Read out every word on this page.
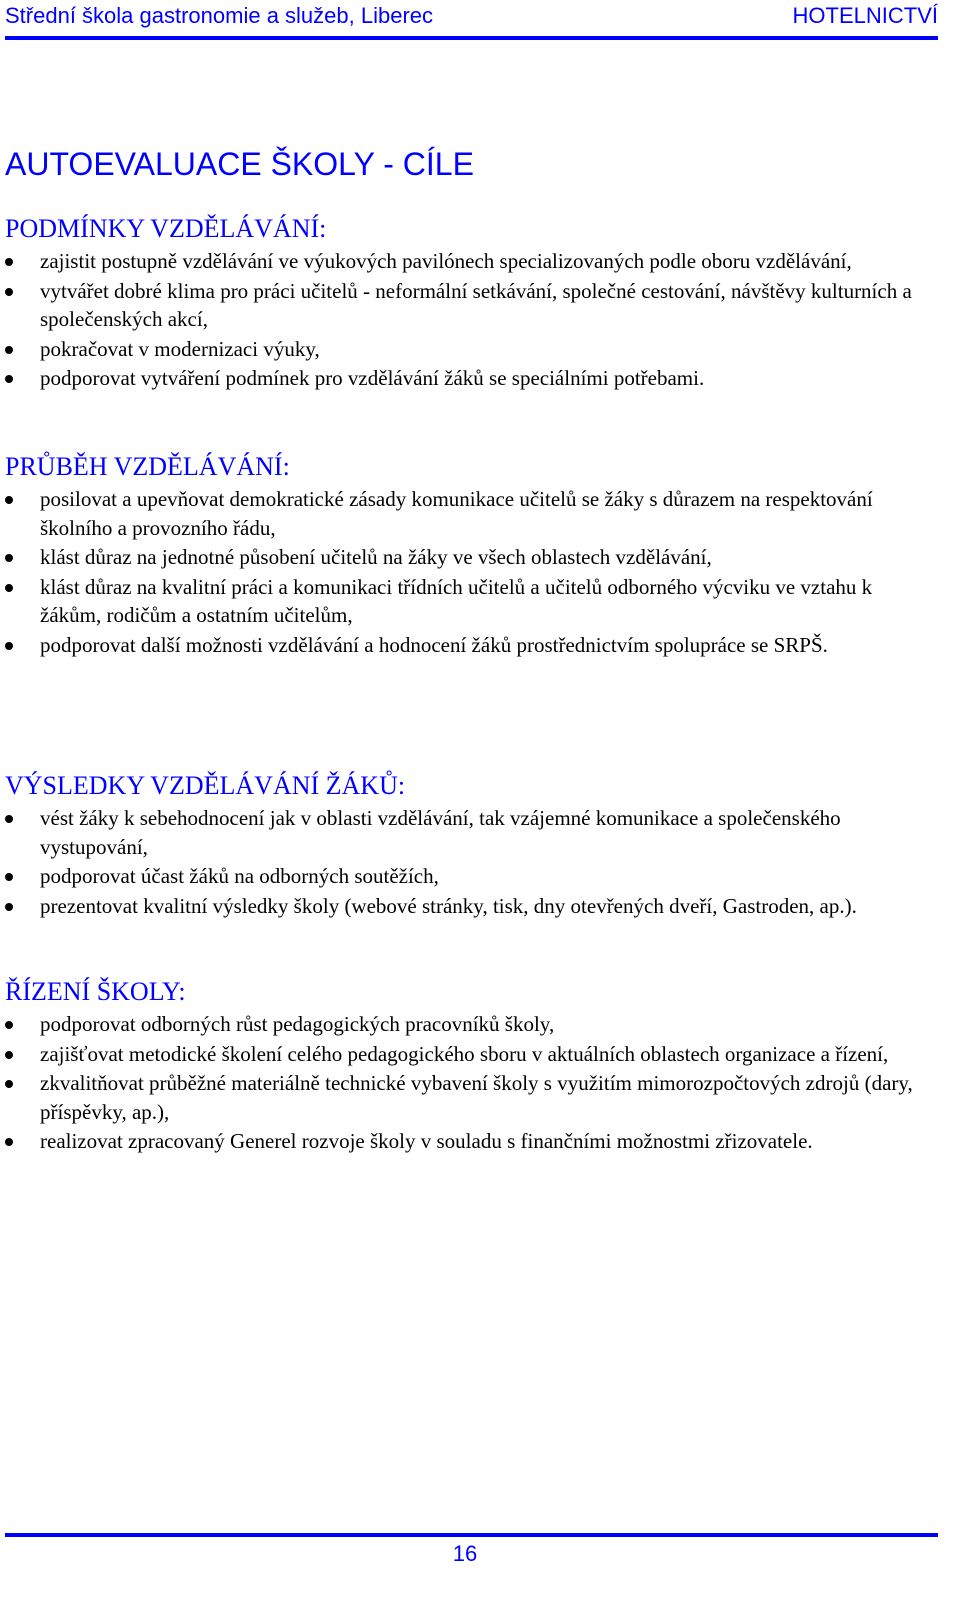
Střední škola gastronomie a služeb, Liberec	HOTELNICTVÍ
AUTOEVALUACE ŠKOLY - CÍLE
PODMÍNKY VZDĚLÁVÁNÍ:
zajistit postupně vzdělávání ve výukových pavilónech specializovaných podle oboru vzdělávání,
vytvářet dobré klima pro práci učitelů - neformální setkávání, společné cestování, návštěvy kulturních a společenských akcí,
pokračovat v modernizaci výuky,
podporovat vytváření podmínek pro vzdělávání žáků se speciálními potřebami.
PRŮBĚH VZDĚLÁVÁNÍ:
posilovat a upevňovat demokratické zásady komunikace učitelů se žáky s důrazem na respektování školního a provozního řádu,
klást důraz na jednotné působení učitelů na žáky ve všech oblastech vzdělávání,
klást důraz na kvalitní práci a komunikaci třídních učitelů a učitelů odborného výcviku ve vztahu k žákům, rodičům a ostatním učitelům,
podporovat další možnosti vzdělávání a hodnocení žáků prostřednictvím spolupráce se SRPŠ.
VÝSLEDKY VZDĚLÁVÁNÍ ŽÁKŮ:
vést žáky k sebehodnocení jak v oblasti vzdělávání, tak vzájemné komunikace a společenského vystupování,
podporovat účast žáků na odborných soutěžích,
prezentovat kvalitní výsledky školy (webové stránky, tisk, dny otevřených dveří, Gastroden, ap.).
ŘÍZENÍ ŠKOLY:
podporovat odborných růst pedagogických pracovníků školy,
zajišťovat metodické školení celého pedagogického sboru v aktuálních oblastech organizace a řízení,
zkvalitňovat průběžné materiálně technické vybavení školy s využitím mimorozpočtových zdrojů (dary, příspěvky, ap.),
realizovat zpracovaný Generel rozvoje školy v souladu s finančními možnostmi zřizovatele.
16
